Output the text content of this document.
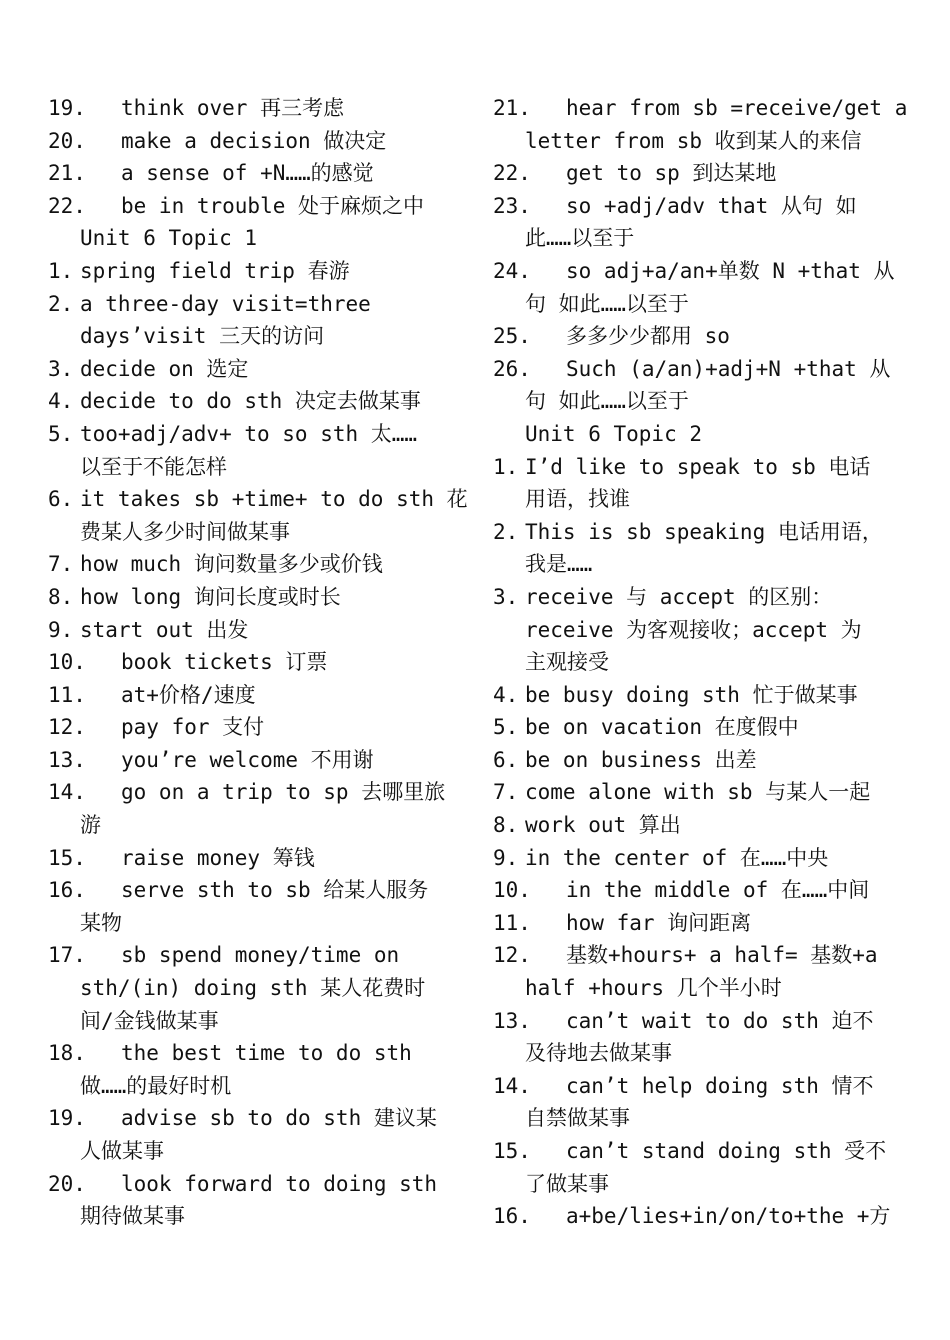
19.	think over 再三考虑
20.	make a decision 做决定
21.	a sense of +N……的感觉
22.	be in trouble 处于麻烦之中
Unit 6 Topic 1
1. spring field trip 春游
2. a three-day visit=three
days’visit 三天的访问
3. decide on 选定
4. decide to do sth 决定去做某事
5. too+adj/adv+ to so sth 太……
以至于不能怎样
6. it takes sb +time+ to do sth 花
费某人多少时间做某事
7. how much 询问数量多少或价钱
8. how long 询问长度或时长
9. start out 出发
10.	book tickets 订票
11.	at+价格/速度
12.	pay for 支付
13.	you’re welcome 不用谢
14.	go on a trip to sp 去哪里旅
游
15.	raise money 筹钱
16.	serve sth to sb 给某人服务
某物
17.	sb spend money/time on
sth/(in) doing sth 某人花费时
间/金钱做某事
18.	the best time to do sth
做……的最好时机
19.	advise sb to do sth 建议某
人做某事
20.	look forward to doing sth
期待做某事
21.	hear from sb =receive/get a
letter from sb 收到某人的来信
22.	get to sp 到达某地
23.	so +adj/adv that 从句 如
此……以至于
24.	so adj+a/an+单数 N +that 从
句 如此……以至于
25.	多多少少都用 so
26.	Such (a/an)+adj+N +that 从
句 如此……以至于
Unit 6 Topic 2
1. I’d like to speak to sb 电话
用语，找谁
2. This is sb speaking 电话用语，
我是……
3. receive 与 accept 的区别：
receive 为客观接收；accept 为
主观接受
4. be busy doing sth 忙于做某事
5. be on vacation 在度假中
6. be on business 出差
7. come alone with sb 与某人一起
8. work out 算出
9. in the center of 在……中央
10.	in the middle of 在……中间
11.	how far 询问距离
12.	基数+hours+ a half= 基数+a
half +hours 几个半小时
13.	can’t wait to do sth 迫不
及待地去做某事
14.	can’t help doing sth 情不
自禁做某事
15.	can’t stand doing sth 受不
了做某事
16.	a+be/lies+in/on/to+the +方
